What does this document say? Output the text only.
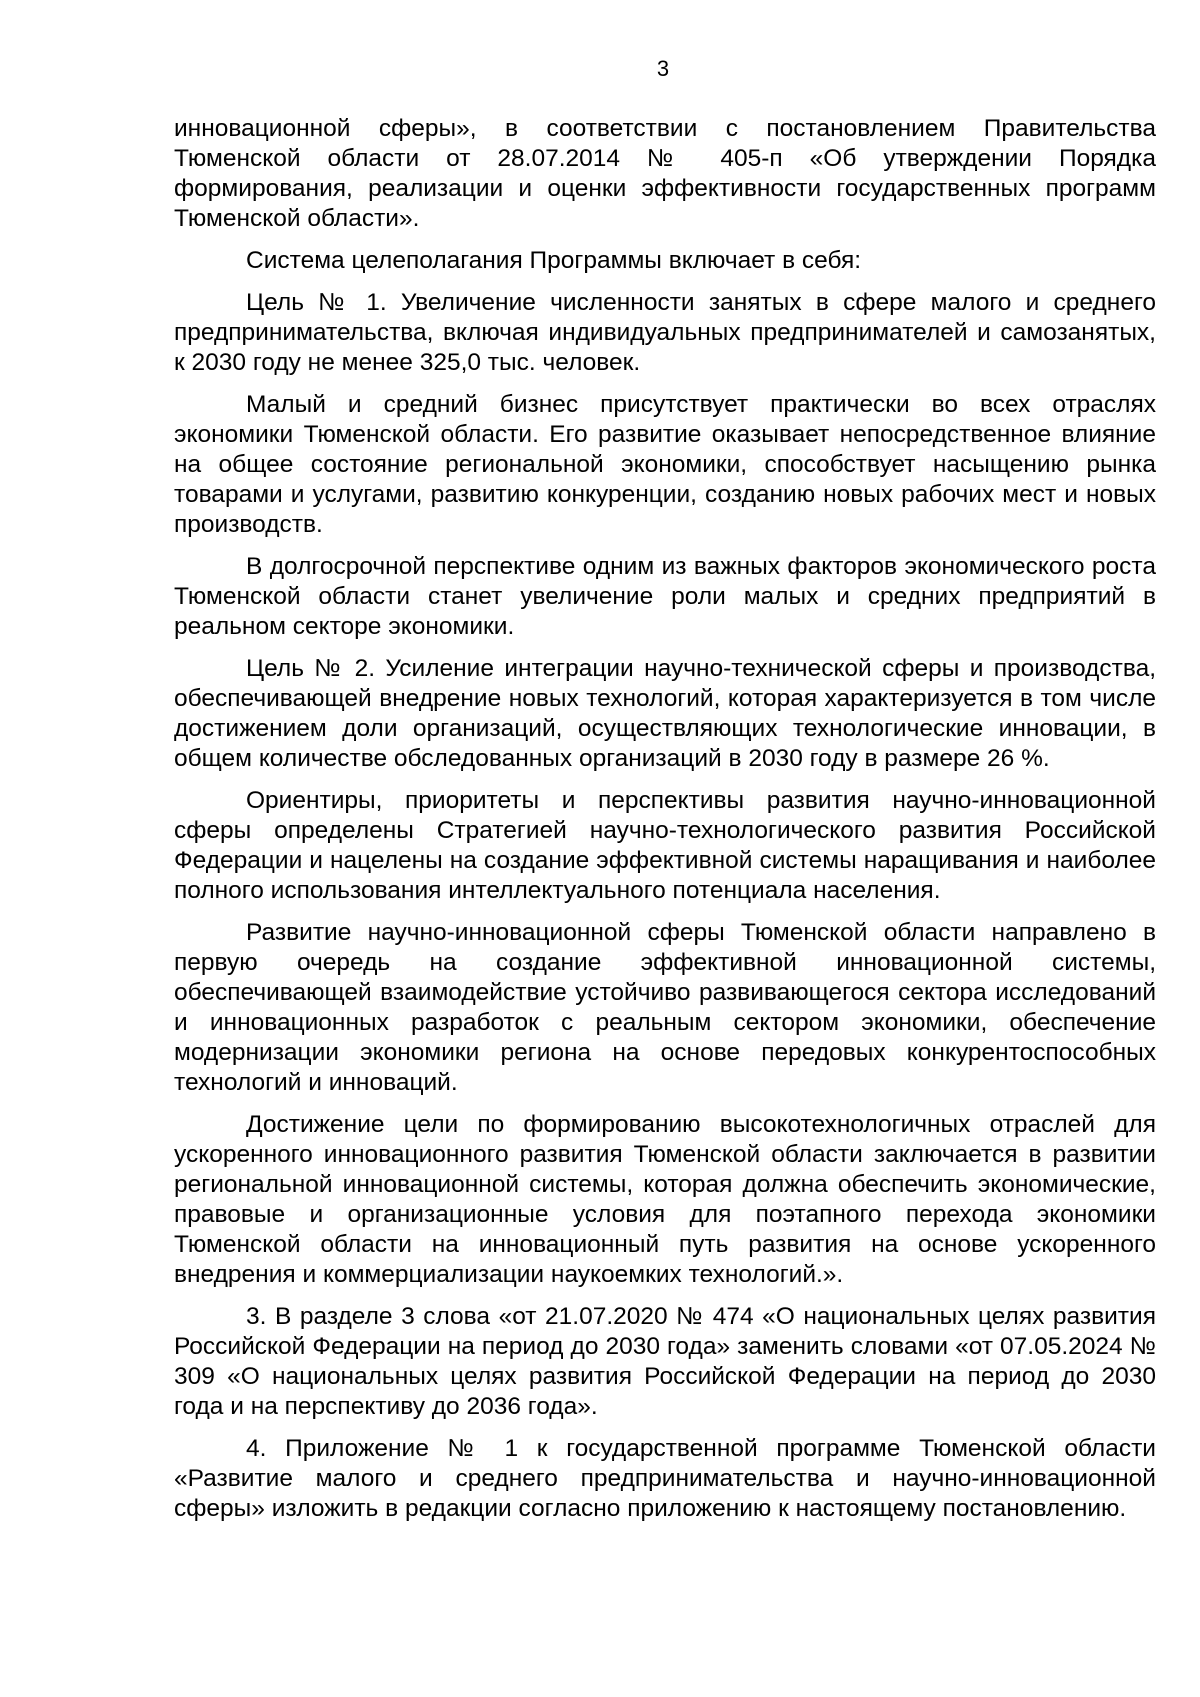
3

инновационной сферы», в соответствии с постановлением Правительства Тюменской области от 28.07.2014 № 405-п «Об утверждении Порядка формирования, реализации и оценки эффективности государственных программ Тюменской области».

Система целеполагания Программы включает в себя:

Цель № 1. Увеличение численности занятых в сфере малого и среднего предпринимательства, включая индивидуальных предпринимателей и самозанятых, к 2030 году не менее 325,0 тыс. человек.

Малый и средний бизнес присутствует практически во всех отраслях экономики Тюменской области. Его развитие оказывает непосредственное влияние на общее состояние региональной экономики, способствует насыщению рынка товарами и услугами, развитию конкуренции, созданию новых рабочих мест и новых производств.

В долгосрочной перспективе одним из важных факторов экономического роста Тюменской области станет увеличение роли малых и средних предприятий в реальном секторе экономики.

Цель № 2. Усиление интеграции научно-технической сферы и производства, обеспечивающей внедрение новых технологий, которая характеризуется в том числе достижением доли организаций, осуществляющих технологические инновации, в общем количестве обследованных организаций в 2030 году в размере 26 %.

Ориентиры, приоритеты и перспективы развития научно-инновационной сферы определены Стратегией научно-технологического развития Российской Федерации и нацелены на создание эффективной системы наращивания и наиболее полного использования интеллектуального потенциала населения.

Развитие научно-инновационной сферы Тюменской области направлено в первую очередь на создание эффективной инновационной системы, обеспечивающей взаимодействие устойчиво развивающегося сектора исследований и инновационных разработок с реальным сектором экономики, обеспечение модернизации экономики региона на основе передовых конкурентоспособных технологий и инноваций.

Достижение цели по формированию высокотехнологичных отраслей для ускоренного инновационного развития Тюменской области заключается в развитии региональной инновационной системы, которая должна обеспечить экономические, правовые и организационные условия для поэтапного перехода экономики Тюменской области на инновационный путь развития на основе ускоренного внедрения и коммерциализации наукоемких технологий.».

3. В разделе 3 слова «от 21.07.2020 № 474 «О национальных целях развития Российской Федерации на период до 2030 года» заменить словами «от 07.05.2024 № 309 «О национальных целях развития Российской Федерации на период до 2030 года и на перспективу до 2036 года».

4. Приложение № 1 к государственной программе Тюменской области «Развитие малого и среднего предпринимательства и научно-инновационной сферы» изложить в редакции согласно приложению к настоящему постановлению.
